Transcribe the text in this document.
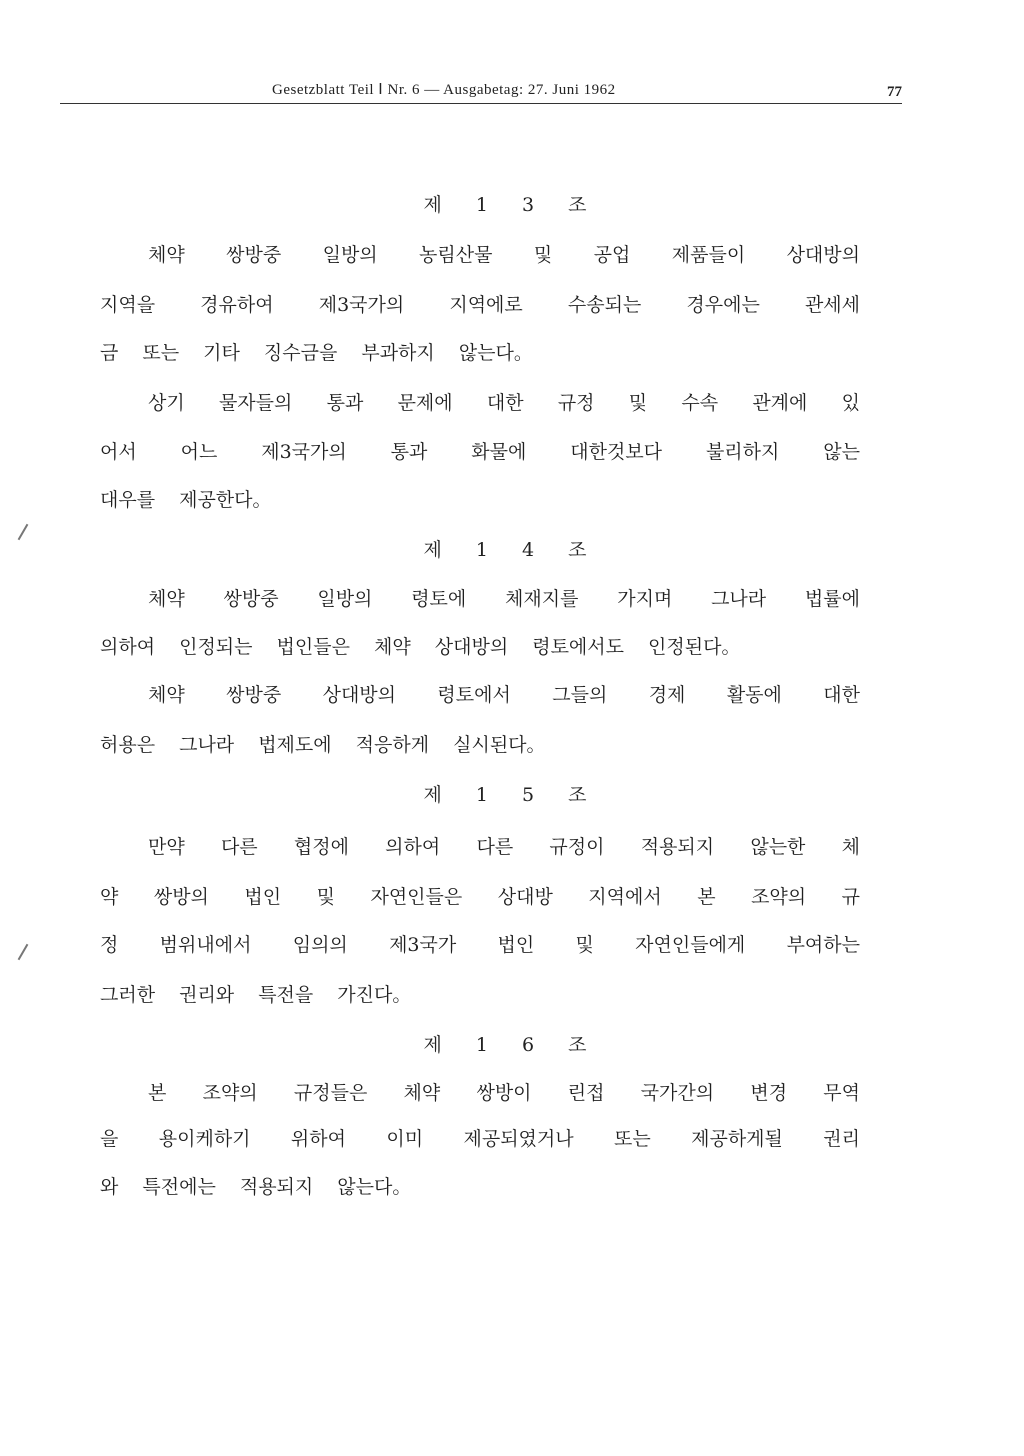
Gesetzblatt Teil Ⅰ Nr. 6 — Ausgabetag: 27. Juni 1962	77
제 1 3 조
체약 쌍방중 일방의 농림산물 및 공업 제품들이 상대방의
지역을 경유하여 제3국가의 지역에로 수송되는 경우에는 관세세
금 또는 기타 징수금을 부과하지 않는다。
상기 물자들의 통과 문제에 대한 규정 및 수속 관계에 있
어서 어느 제3국가의 통과 화물에 대한것보다 불리하지 않는
대우를 제공한다。
제 1 4 조
체약 쌍방중 일방의 령토에 체재지를 가지며 그나라 법률에
의하여 인정되는 법인들은 체약 상대방의 령토에서도 인정된다。
체약 쌍방중 상대방의 령토에서 그들의 경제 활동에 대한
허용은 그나라 법제도에 적응하게 실시된다。
제 1 5 조
만약 다른 협정에 의하여 다른 규정이 적용되지 않는한 체
약 쌍방의 법인 및 자연인들은 상대방 지역에서 본 조약의 규
정 범위내에서 임의의 제3국가 법인 및 자연인들에게 부여하는
그러한 권리와 특전을 가진다。
제 1 6 조
본 조약의 규정들은 체약 쌍방이 린접 국가간의 변경 무역
을 용이케하기 위하여 이미 제공되였거나 또는 제공하게될 권리
와 특전에는 적용되지 않는다。
